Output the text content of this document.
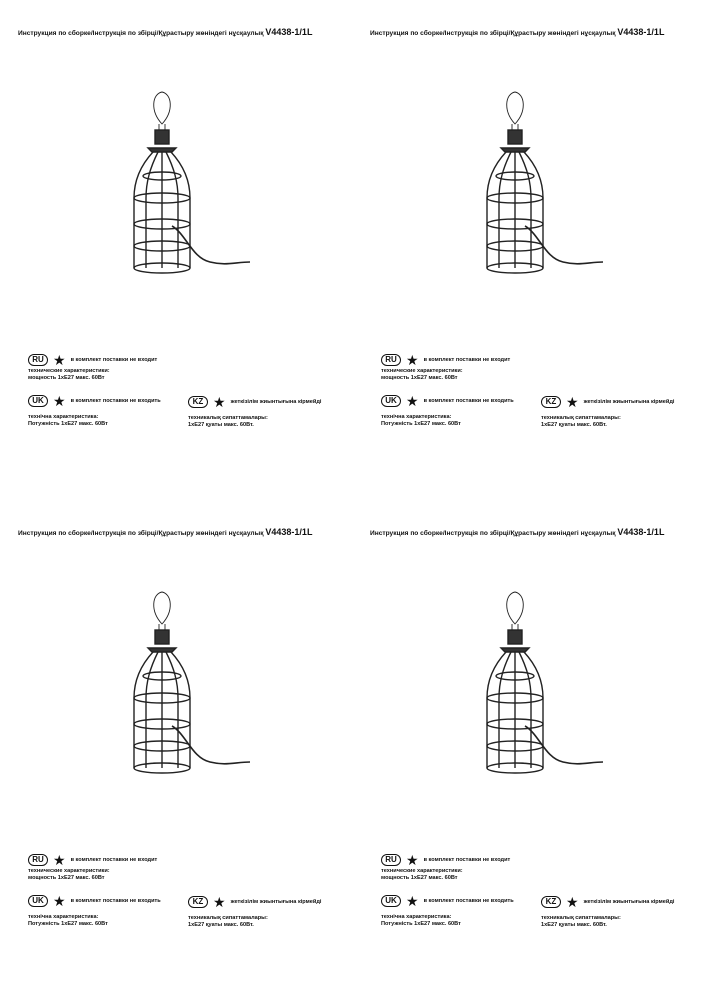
Инструкция по сборке/Інструкція по збірці/Құрастыру жөніндегі нұсқаулық V4438-1/1L
RU ★ в комплект поставки не входит
технические характеристики:
мощность 1xE27 макс. 60Вт
UK ★ в комплект поставки не входить
технічна характеристика:
Потужність 1xE27 макс. 60Вт
KZ ★ жеткізілім жиынтығына кірмейді
техникалық сипаттамалары:
1xE27 қуаты макс. 60Вт.
Инструкция по сборке/Інструкція по збірці/Құрастыру жөніндегі нұсқаулық V4438-1/1L
RU ★ в комплект поставки не входит
технические характеристики:
мощность 1xE27 макс. 60Вт
UK ★ в комплект поставки не входить
технічна характеристика:
Потужність 1xE27 макс. 60Вт
KZ ★ жеткізілім жиынтығына кірмейді
техникалық сипаттамалары:
1xE27 қуаты макс. 60Вт.
Инструкция по сборке/Інструкція по збірці/Құрастыру жөніндегі нұсқаулық V4438-1/1L
RU ★ в комплект поставки не входит
технические характеристики:
мощность 1xE27 макс. 60Вт
UK ★ в комплект поставки не входить
технічна характеристика:
Потужність 1xE27 макс. 60Вт
KZ ★ жеткізілім жиынтығына кірмейді
техникалық сипаттамалары:
1xE27 қуаты макс. 60Вт.
Инструкция по сборке/Інструкція по збірці/Құрастыру жөніндегі нұсқаулық V4438-1/1L
RU ★ в комплект поставки не входит
технические характеристики:
мощность 1xE27 макс. 60Вт
UK ★ в комплект поставки не входить
технічна характеристика:
Потужність 1xE27 макс. 60Вт
KZ ★ жеткізілім жиынтығына кірмейді
техникалық сипаттамалары:
1xE27 қуаты макс. 60Вт.
